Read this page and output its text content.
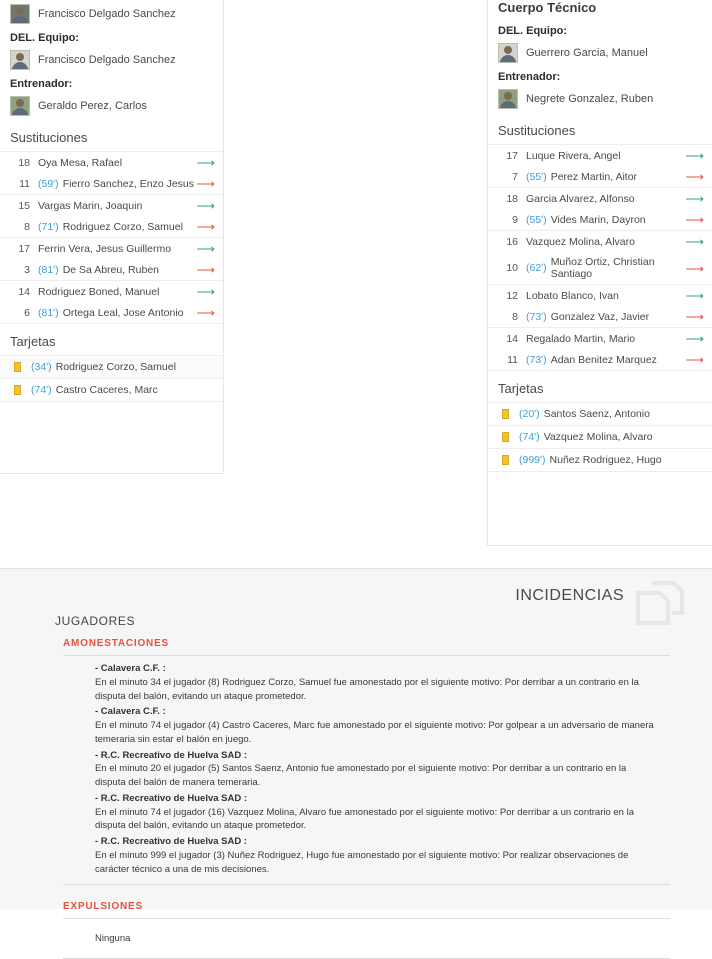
Francisco Delgado Sanchez
DEL. Equipo:
Francisco Delgado Sanchez
Entrenador:
Geraldo Perez, Carlos
Sustituciones
18 Oya Mesa, Rafael	⟶
11 (59') Fierro Sanchez, Enzo Jesus ⟶
15 Vargas Marin, Joaquin	⟶
8 (71') Rodriguez Corzo, Samuel	⟶
17 Ferrin Vera, Jesus Guillermo	⟶
3 (81') De Sa Abreu, Ruben	⟶
14 Rodriguez Boned, Manuel	⟶
6 (81') Ortega Leal, Jose Antonio ⟶
Tarjetas
(34') Rodriguez Corzo, Samuel
(74') Castro Caceres, Marc
Cuerpo Técnico
DEL. Equipo:
Guerrero Garcia, Manuel
Entrenador:
Negrete Gonzalez, Ruben
Sustituciones
17 Luque Rivera, Angel	⟶
7 (55') Perez Martin, Aitor	⟶
18 Garcia Alvarez, Alfonso	⟶
9 (55') Vides Marin, Dayron	⟶
16 Vazquez Molina, Alvaro	⟶
10 (62') Muñoz Ortiz, Christian Santiago	⟶
12 Lobato Blanco, Ivan	⟶
8 (73') Gonzalez Vaz, Javier	⟶
14 Regalado Martin, Mario	⟶
11 (73') Adan Benitez Marquez	⟶
Tarjetas
(20') Santos Saenz, Antonio
(74') Vazquez Molina, Alvaro
(999') Nuñez Rodriguez, Hugo
INCIDENCIAS
JUGADORES
AMONESTACIONES
- Calavera C.F. :
En el minuto 34 el jugador (8) Rodriguez Corzo, Samuel fue amonestado por el siguiente motivo: Por derribar a un contrario en la disputa del balón, evitando un ataque prometedor.
- Calavera C.F. :
En el minuto 74 el jugador (4) Castro Caceres, Marc fue amonestado por el siguiente motivo: Por golpear a un adversario de manera temeraria sin estar el balón en juego.
- R.C. Recreativo de Huelva SAD :
En el minuto 20 el jugador (5) Santos Saenz, Antonio fue amonestado por el siguiente motivo: Por derribar a un contrario en la disputa del balón de manera temeraria.
- R.C. Recreativo de Huelva SAD :
En el minuto 74 el jugador (16) Vazquez Molina, Alvaro fue amonestado por el siguiente motivo: Por derribar a un contrario en la disputa del balón, evitando un ataque prometedor.
- R.C. Recreativo de Huelva SAD :
En el minuto 999 el jugador (3) Nuñez Rodriguez, Hugo fue amonestado por el siguiente motivo: Por realizar observaciones de carácter técnico a una de mis decisiones.
EXPULSIONES
Ninguna
